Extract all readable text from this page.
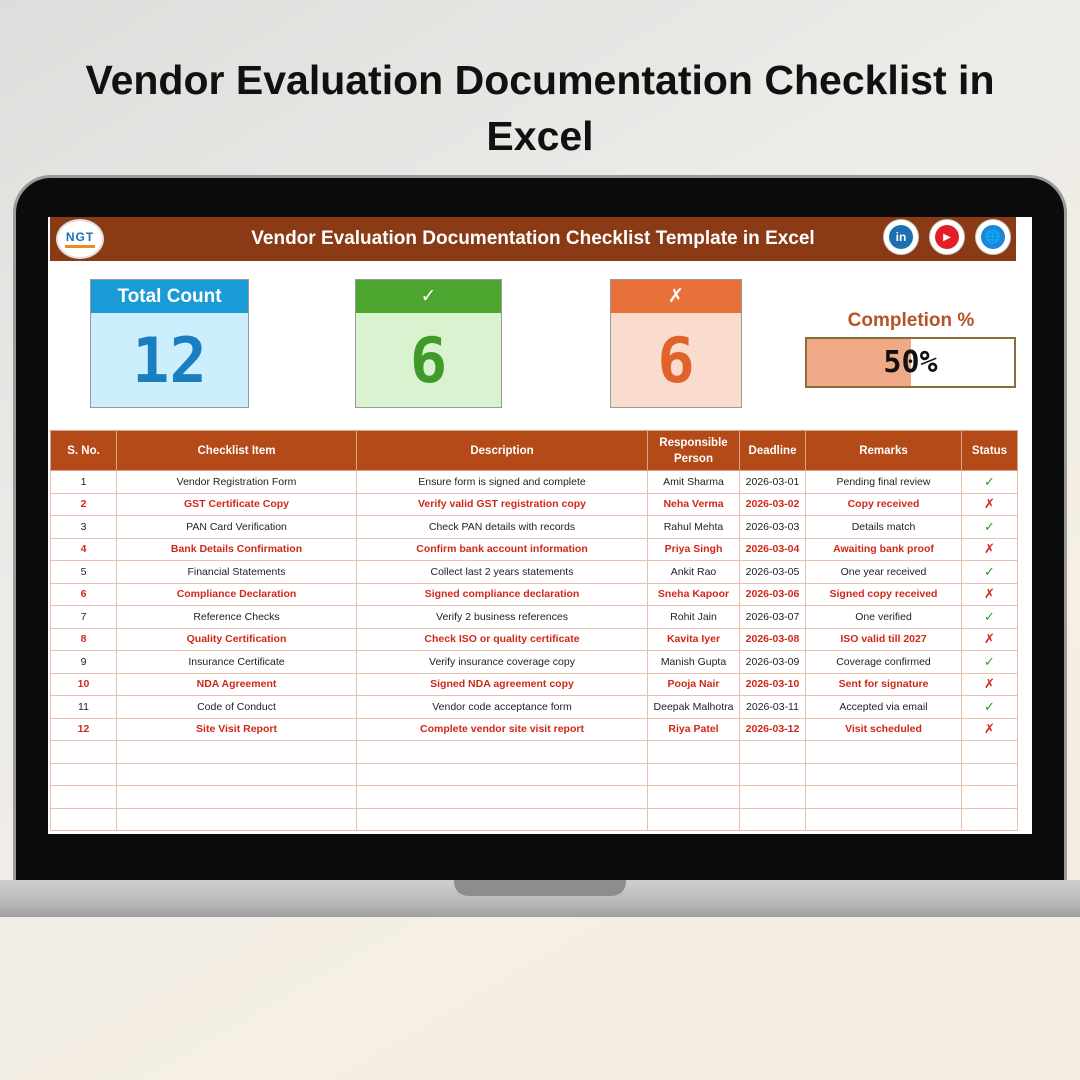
Vendor Evaluation Documentation Checklist in Excel
NGT	Vendor Evaluation Documentation Checklist Template in Excel	in	▶	🌐
Total Count
12
✓
6
✗
6
Completion %
50%
S. No.	Checklist Item	Description	Responsible Person	Deadline	Remarks	Status
1	Vendor Registration Form	Ensure form is signed and complete	Amit Sharma	2026-03-01	Pending final review	✓
2	GST Certificate Copy	Verify valid GST registration copy	Neha Verma	2026-03-02	Copy received	✗
3	PAN Card Verification	Check PAN details with records	Rahul Mehta	2026-03-03	Details match	✓
4	Bank Details Confirmation	Confirm bank account information	Priya Singh	2026-03-04	Awaiting bank proof	✗
5	Financial Statements	Collect last 2 years statements	Ankit Rao	2026-03-05	One year received	✓
6	Compliance Declaration	Signed compliance declaration	Sneha Kapoor	2026-03-06	Signed copy received	✗
7	Reference Checks	Verify 2 business references	Rohit Jain	2026-03-07	One verified	✓
8	Quality Certification	Check ISO or quality certificate	Kavita Iyer	2026-03-08	ISO valid till 2027	✗
9	Insurance Certificate	Verify insurance coverage copy	Manish Gupta	2026-03-09	Coverage confirmed	✓
10	NDA Agreement	Signed NDA agreement copy	Pooja Nair	2026-03-10	Sent for signature	✗
11	Code of Conduct	Vendor code acceptance form	Deepak Malhotra	2026-03-11	Accepted via email	✓
12	Site Visit Report	Complete vendor site visit report	Riya Patel	2026-03-12	Visit scheduled	✗
